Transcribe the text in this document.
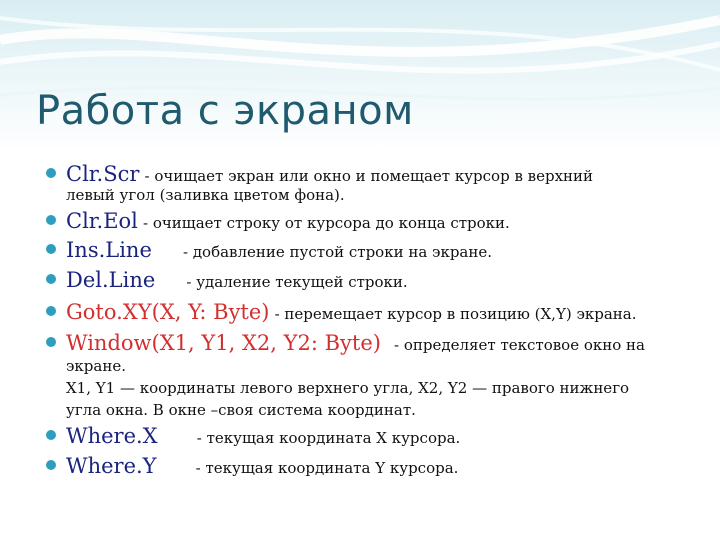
Работа с экраном
Clr.Scr - очищает экран или окно и помещает курсор в верхний
левый угол (заливка цветом фона).
Clr.Eol - очищает строку от курсора до конца строки.
Ins.Line - добавление пустой строки на экране.
Del.Line - удаление текущей строки.
Goto.XY(X, Y: Byte) - перемещает курсор в позицию (X,Y) экрана.
Window(X1, Y1, X2, Y2: Byte) - определяет текстовое окно на
экране.
X1, Y1 — координаты левого верхнего угла, X2, Y2 — правого нижнего
угла окна. В окне –своя система координат.
Where.X	- текущая координата X курсора.
Where.Y	- текущая координата Y курсора.
